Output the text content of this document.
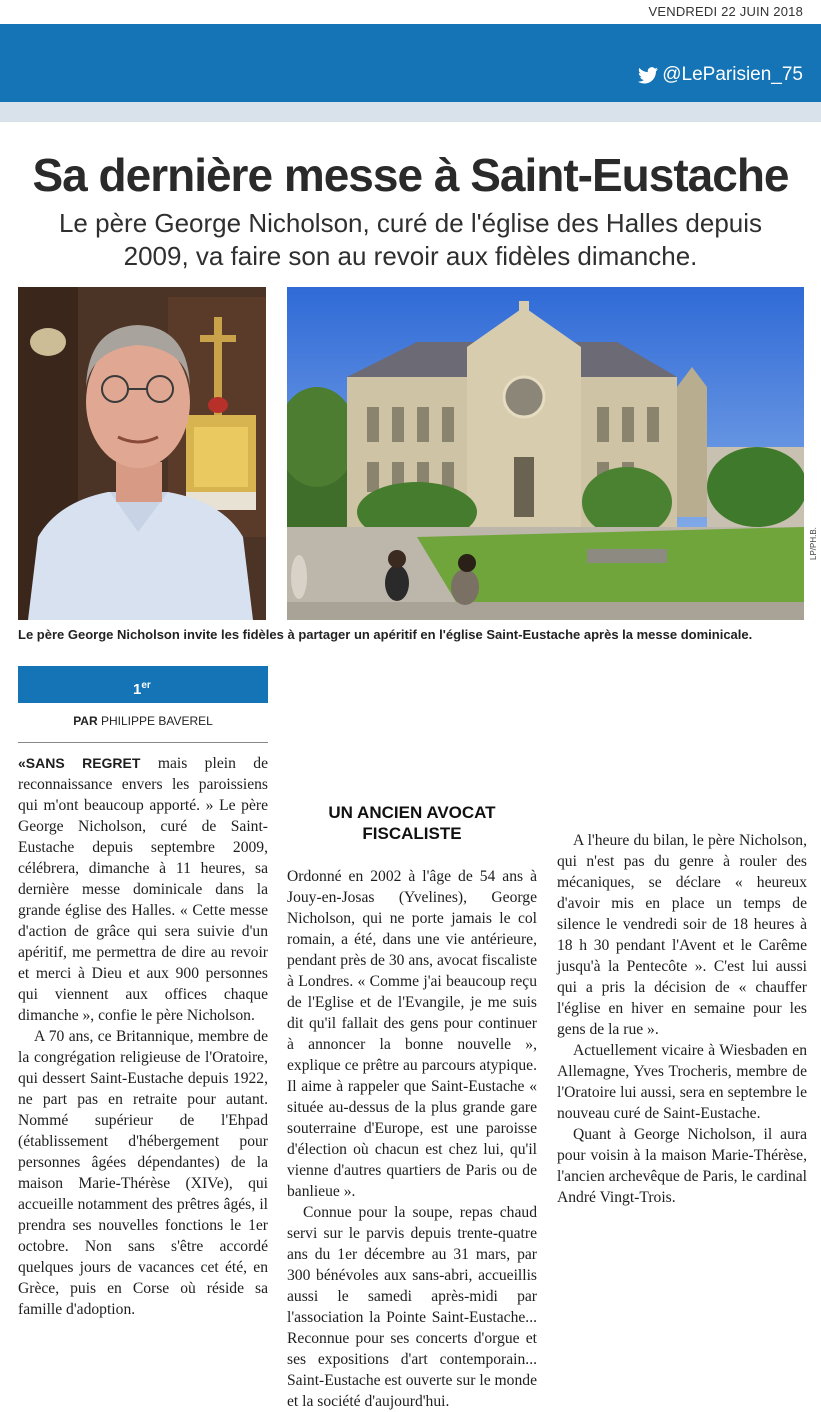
VENDREDI 22 JUIN 2018
@LeParisien_75
Sa dernière messe à Saint-Eustache

Le père George Nicholson, curé de l'église des Halles depuis 2009, va faire son au revoir aux fidèles dimanche.

LP/PH.B.
Le père George Nicholson invite les fidèles à partager un apéritif en l'église Saint-Eustache après la messe dominicale.
1er
PAR PHILIPPE BAVEREL

«SANS REGRET mais plein de reconnaissance envers les paroissiens qui m'ont beaucoup apporté. » Le père George Nicholson, curé de Saint-Eustache depuis septembre 2009, célébrera, dimanche à 11 heures, sa dernière messe dominicale dans la grande église des Halles. « Cette messe d'action de grâce qui sera suivie d'un apéritif, me permettra de dire au revoir et merci à Dieu et aux 900 personnes qui viennent aux offices chaque dimanche », confie le père Nicholson.

A 70 ans, ce Britannique, membre de la congrégation religieuse de l'Oratoire, qui dessert Saint-Eustache depuis 1922, ne part pas en retraite pour autant. Nommé supérieur de l'Ehpad (établissement d'hébergement pour personnes âgées dépendantes) de la maison Marie-Thérèse (XIVe), qui accueille notamment des prêtres âgés, il prendra ses nouvelles fonctions le 1er octobre. Non sans s'être accordé quelques jours de vacances cet été, en Grèce, puis en Corse où réside sa famille d'adoption.

UN ANCIEN AVOCAT FISCALISTE

Ordonné en 2002 à l'âge de 54 ans à Jouy-en-Josas (Yvelines), George Nicholson, qui ne porte jamais le col romain, a été, dans une vie antérieure, pendant près de 30 ans, avocat fiscaliste à Londres. « Comme j'ai beaucoup reçu de l'Eglise et de l'Evangile, je me suis dit qu'il fallait des gens pour continuer à annoncer la bonne nouvelle », explique ce prêtre au parcours atypique. Il aime à rappeler que Saint-Eustache « située au-dessus de la plus grande gare souterraine d'Europe, est une paroisse d'élection où chacun est chez lui, qu'il vienne d'autres quartiers de Paris ou de banlieue ».

Connue pour la soupe, repas chaud servi sur le parvis depuis trente-quatre ans du 1er décembre au 31 mars, par 300 bénévoles aux sans-abri, accueillis aussi le samedi après-midi par l'association la Pointe Saint-Eustache... Reconnue pour ses concerts d'orgue et ses expositions d'art contemporain... Saint-Eustache est ouverte sur le monde et la société d'aujourd'hui.

A l'heure du bilan, le père Nicholson, qui n'est pas du genre à rouler des mécaniques, se déclare « heureux d'avoir mis en place un temps de silence le vendredi soir de 18 heures à 18 h 30 pendant l'Avent et le Carême jusqu'à la Pentecôte ». C'est lui aussi qui a pris la décision de « chauffer l'église en hiver en semaine pour les gens de la rue ».

Actuellement vicaire à Wiesbaden en Allemagne, Yves Trocheris, membre de l'Oratoire lui aussi, sera en septembre le nouveau curé de Saint-Eustache.

Quant à George Nicholson, il aura pour voisin à la maison Marie-Thérèse, l'ancien archevêque de Paris, le cardinal André Vingt-Trois.
